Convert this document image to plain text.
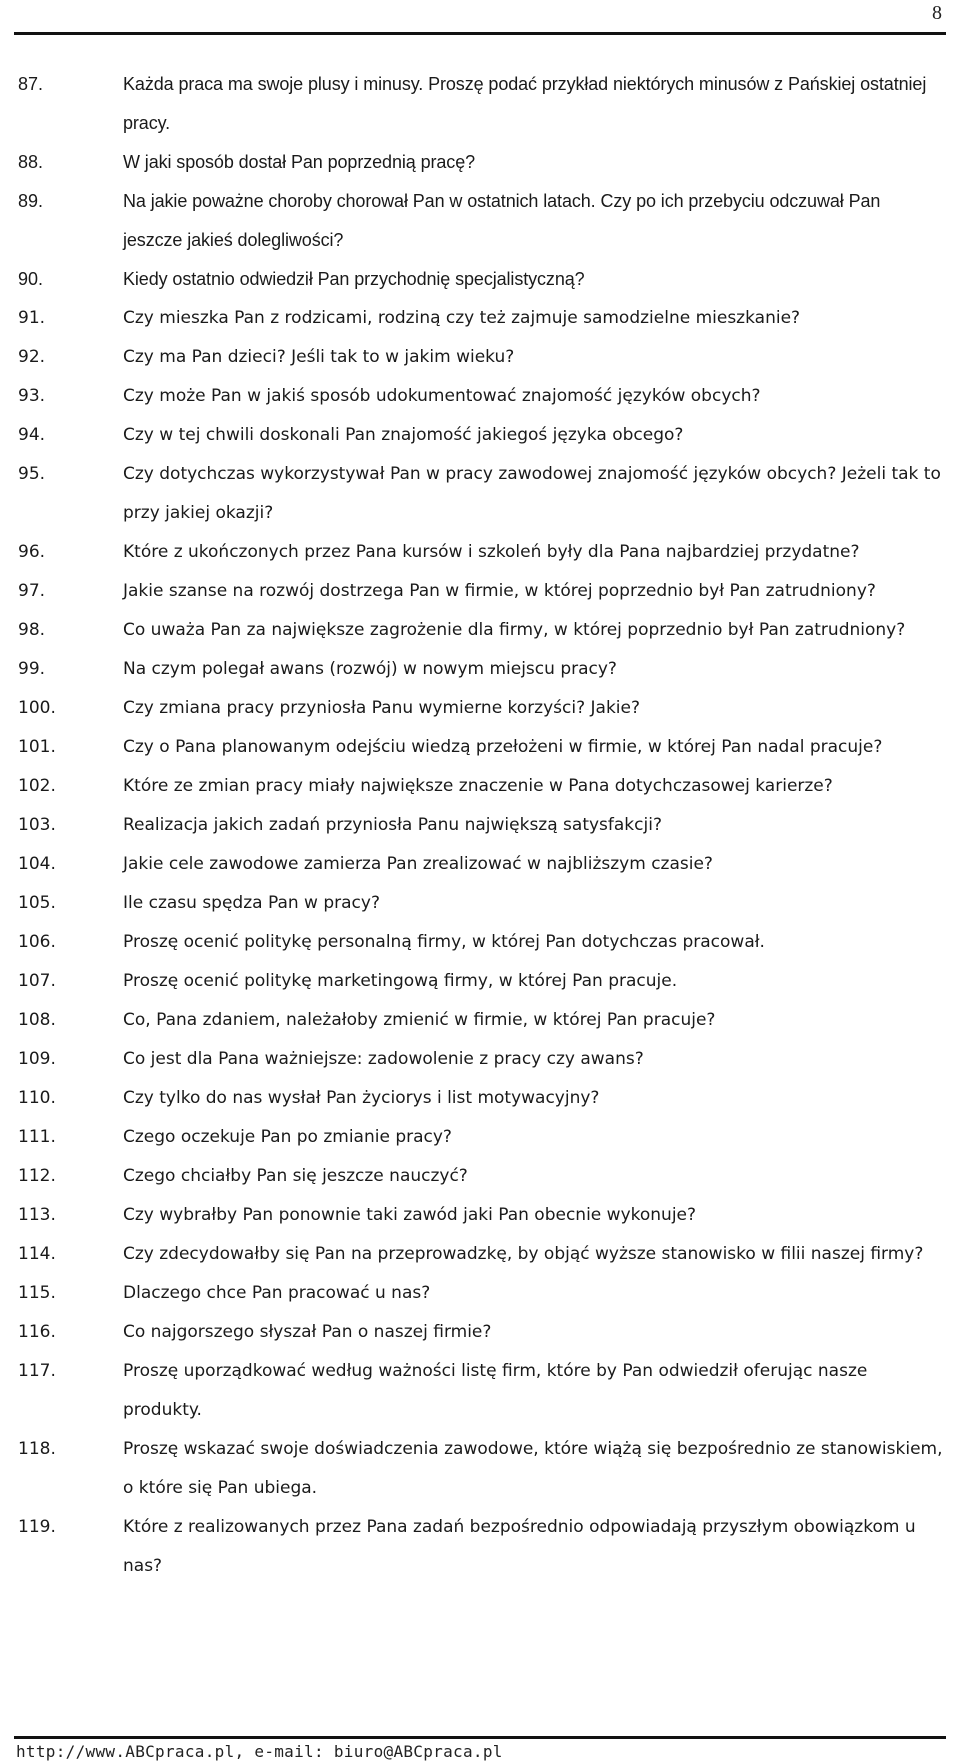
8
87.	Każda praca ma swoje plusy i minusy. Proszę podać przykład niektórych minusów z Pańskiej ostatniej pracy.
88.	W jaki sposób dostał Pan poprzednią pracę?
89.	Na jakie poważne choroby chorował Pan w ostatnich latach. Czy po ich przebyciu odczuwał Pan jeszcze jakieś dolegliwości?
90.	Kiedy ostatnio odwiedził Pan przychodnię specjalistyczną?
91.	Czy mieszka Pan z rodzicami, rodziną czy też zajmuje samodzielne mieszkanie?
92.	Czy ma Pan dzieci? Jeśli tak to w jakim wieku?
93.	Czy może Pan w jakiś sposób udokumentować znajomość języków obcych?
94.	Czy w tej chwili doskonali Pan znajomość jakiegoś języka obcego?
95.	Czy dotychczas wykorzystywał Pan w pracy zawodowej znajomość języków obcych? Jeżeli tak to przy jakiej okazji?
96.	Które z ukończonych przez Pana kursów i szkoleń były dla Pana najbardziej przydatne?
97.	Jakie szanse na rozwój dostrzega Pan w firmie, w której poprzednio był Pan zatrudniony?
98.	Co uważa Pan za największe zagrożenie dla firmy, w której poprzednio był Pan zatrudniony?
99.	Na czym polegał awans (rozwój) w nowym miejscu pracy?
100.	Czy zmiana pracy przyniosła Panu wymierne korzyści? Jakie?
101.	Czy o Pana planowanym odejściu wiedzą przełożeni w firmie, w której Pan nadal pracuje?
102.	Które ze zmian pracy miały największe znaczenie w Pana dotychczasowej karierze?
103.	Realizacja jakich zadań przyniosła Panu największą satysfakcji?
104.	Jakie cele zawodowe zamierza Pan zrealizować w najbliższym czasie?
105.	Ile czasu spędza Pan w pracy?
106.	Proszę ocenić politykę personalną firmy, w której Pan dotychczas pracował.
107.	Proszę ocenić politykę marketingową firmy, w której Pan pracuje.
108.	Co, Pana zdaniem, należałoby zmienić w firmie, w której Pan pracuje?
109.	Co jest dla Pana ważniejsze: zadowolenie z pracy czy awans?
110.	Czy tylko do nas wysłał Pan życiorys i list motywacyjny?
111.	Czego oczekuje Pan po zmianie pracy?
112.	Czego chciałby Pan się jeszcze nauczyć?
113.	Czy wybrałby Pan ponownie taki zawód jaki Pan obecnie wykonuje?
114.	Czy zdecydowałby się Pan na przeprowadzkę, by objąć wyższe stanowisko w filii naszej firmy?
115.	Dlaczego chce Pan pracować u nas?
116.	Co najgorszego słyszał Pan o naszej firmie?
117.	Proszę uporządkować według ważności listę firm, które by Pan odwiedził oferując nasze produkty.
118.	Proszę wskazać swoje doświadczenia zawodowe, które wiążą się bezpośrednio ze stanowiskiem, o które się Pan ubiega.
119.	Które z realizowanych przez Pana zadań bezpośrednio odpowiadają przyszłym obowiązkom u nas?
http://www.ABCpraca.pl, e-mail: biuro@ABCpraca.pl
